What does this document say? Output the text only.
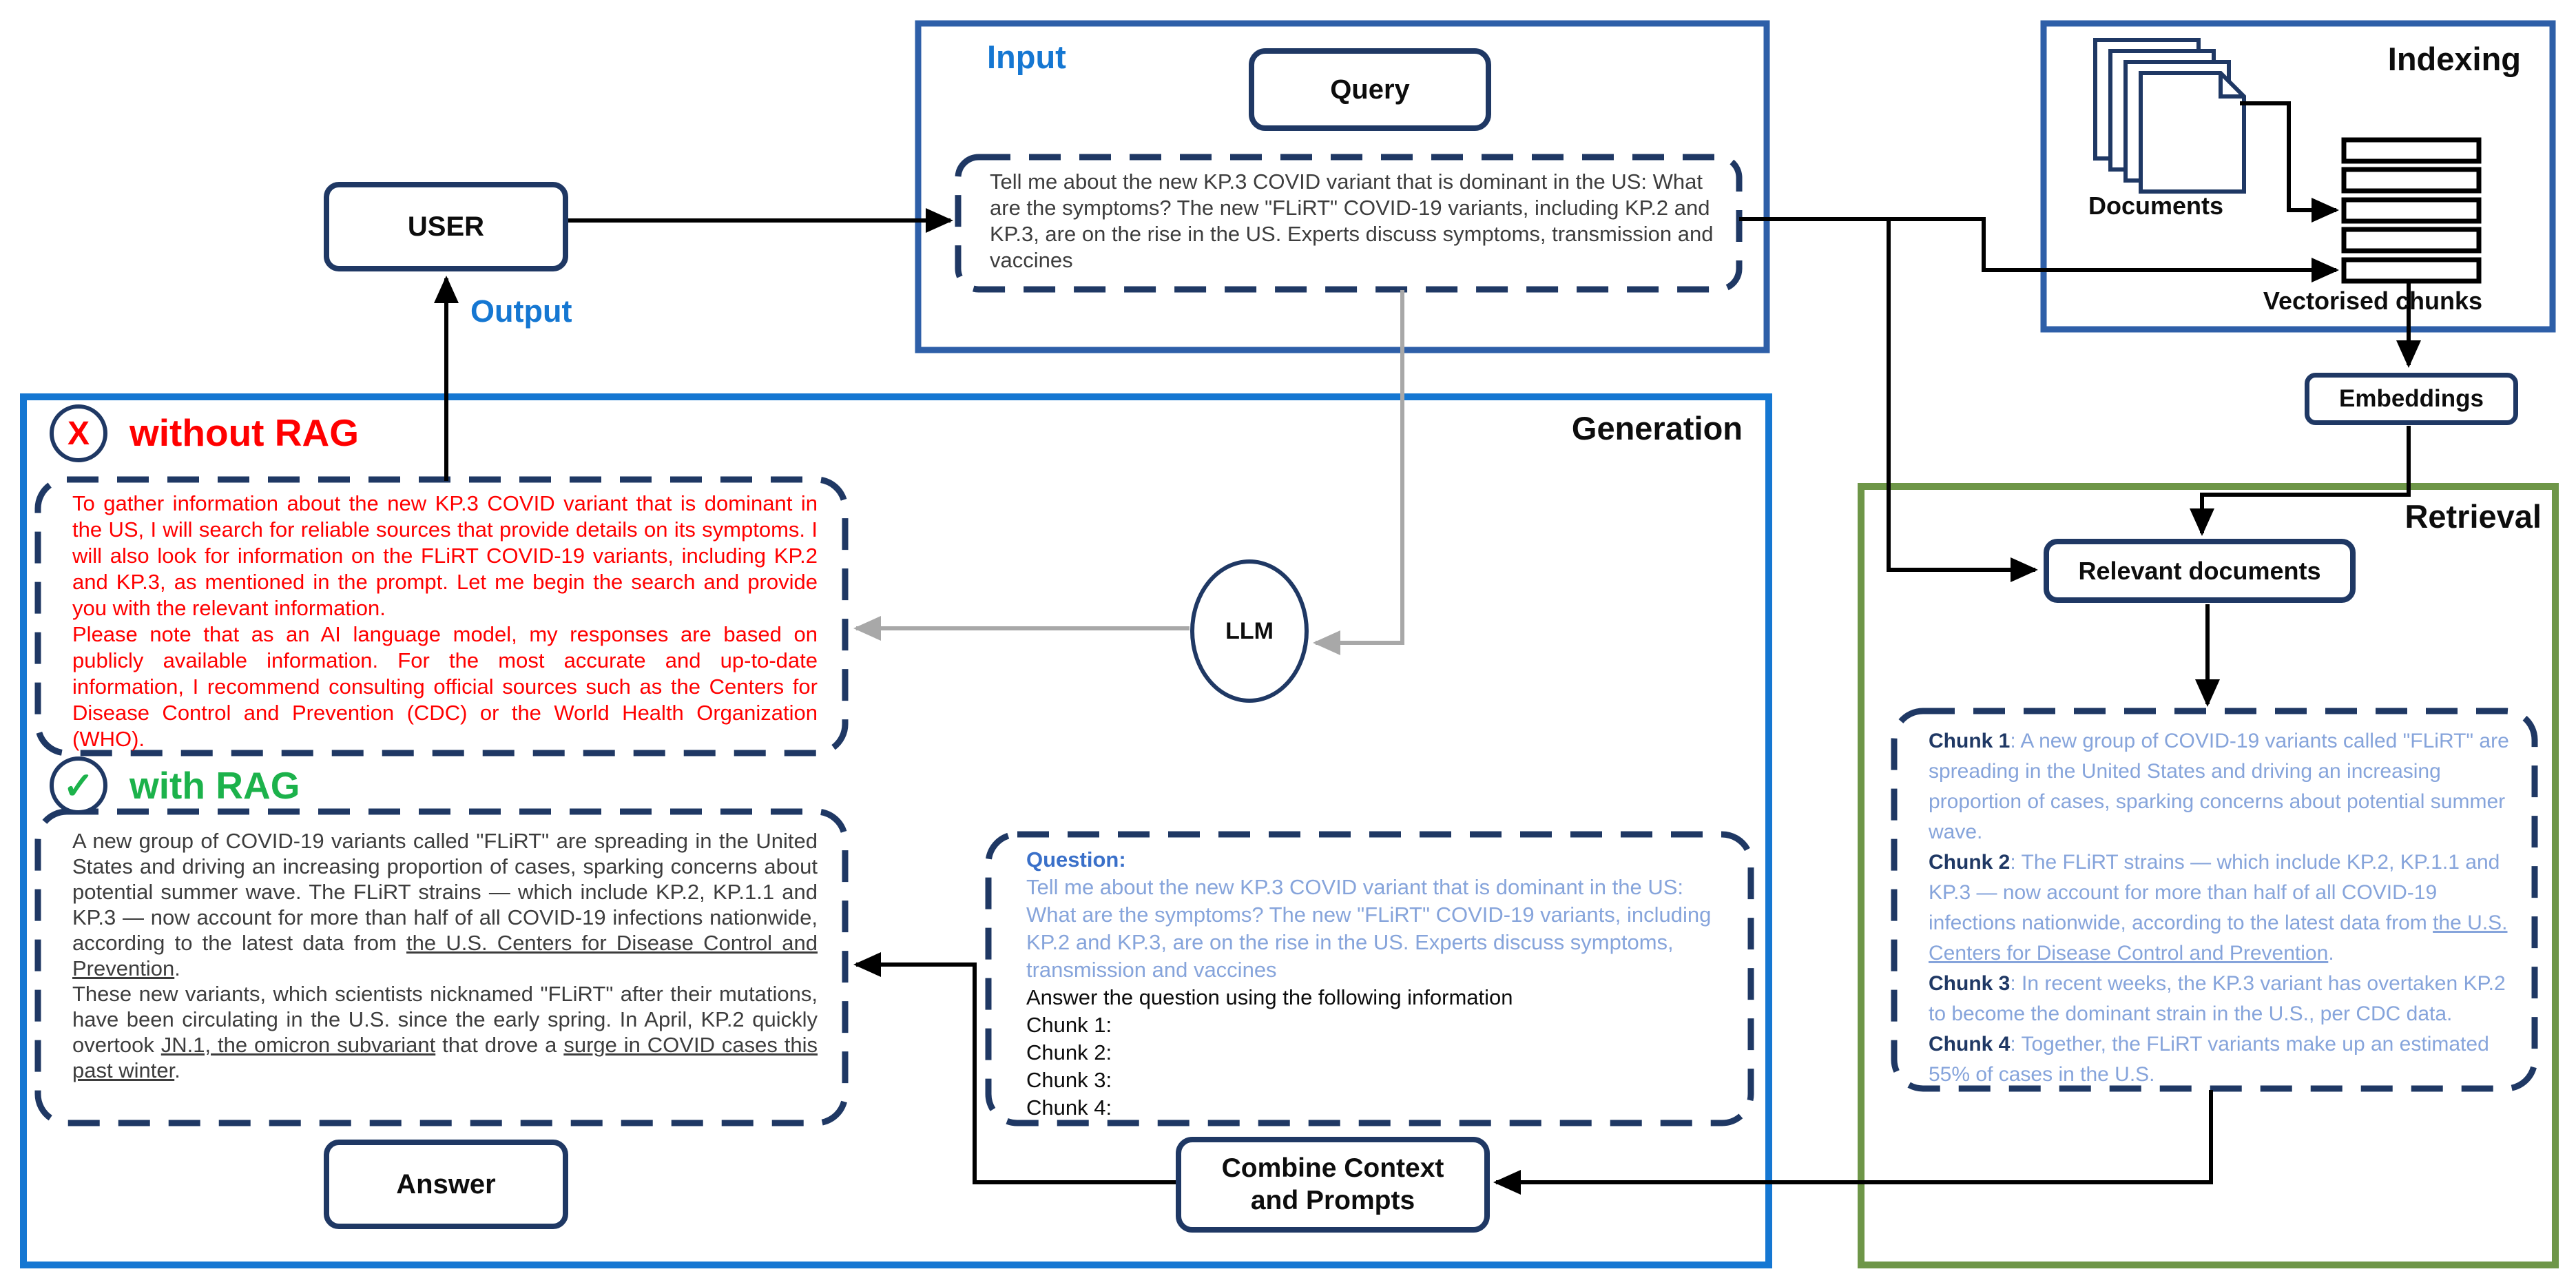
Input	Indexing
Generation
Retrieval
Output
USER
Query
Answer
Combine Context
and Prompts
Embeddings
Relevant documents
LLM
Documents
Vectorised chunks
Tell me about the new KP.3 COVID variant that is dominant in the US: What are the symptoms? The new "FLiRT" COVID-19 variants, including KP.2 and KP.3, are on the rise in the US. Experts discuss symptoms, transmission and vaccines
X without RAG

To gather information about the new KP.3 COVID variant that is dominant in the US, I will search for reliable sources that provide details on its symptoms. I will also look for information on the FLiRT COVID-19 variants, including KP.2 and KP.3, as mentioned in the prompt. Let me begin the search and provide you with the relevant information.

Please note that as an AI language model, my responses are based on publicly available information. For the most accurate and up-to-date information, I recommend consulting official sources such as the Centers for Disease Control and Prevention (CDC) or the World Health Organization (WHO).

✓ with RAG

A new group of COVID-19 variants called "FLiRT" are spreading in the United States and driving an increasing proportion of cases, sparking concerns about potential summer wave. The FLiRT strains — which include KP.2, KP.1.1 and KP.3 — now account for more than half of all COVID-19 infections nationwide, according to the latest data from the U.S. Centers for Disease Control and Prevention.

These new variants, which scientists nicknamed "FLiRT" after their mutations, have been circulating in the U.S. since the early spring. In April, KP.2 quickly overtook JN.1, the omicron subvariant that drove a surge in COVID cases this past winter.

Question:
Tell me about the new KP.3 COVID variant that is dominant in the US: What are the symptoms? The new "FLiRT" COVID-19 variants, including KP.2 and KP.3, are on the rise in the US. Experts discuss symptoms, transmission and vaccines
Answer the question using the following information
Chunk 1:
Chunk 2:
Chunk 3:
Chunk 4:
Chunk 1: A new group of COVID-19 variants called "FLiRT" are spreading in the United States and driving an increasing proportion of cases, sparking concerns about potential summer wave.
Chunk 2: The FLiRT strains — which include KP.2, KP.1.1 and KP.3 — now account for more than half of all COVID-19 infections nationwide, according to the latest data from the U.S. Centers for Disease Control and Prevention.
Chunk 3: In recent weeks, the KP.3 variant has overtaken KP.2 to become the dominant strain in the U.S., per CDC data.
Chunk 4: Together, the FLiRT variants make up an estimated 55% of cases in the U.S.
